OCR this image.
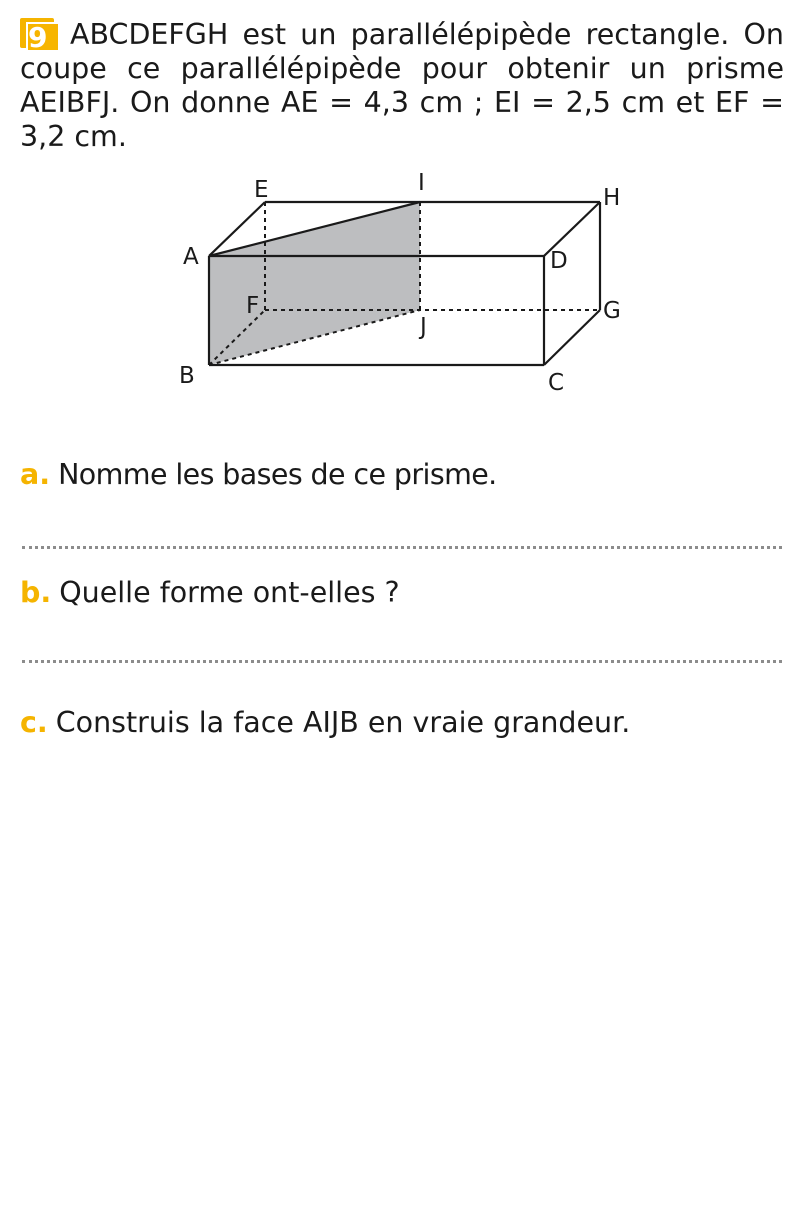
9 ABCDEFGH est un parallélépipède rectangle. On coupe ce parallélépipède pour obtenir un prisme AEIBFJ. On donne AE = 4,3 cm ; EI = 2,5 cm et EF = 3,2 cm.
E	I
H
A	D
F	G
J
B	C
a. Nomme les bases de ce prisme.
b. Quelle forme ont-elles ?
c. Construis la face AIJB en vraie grandeur.
